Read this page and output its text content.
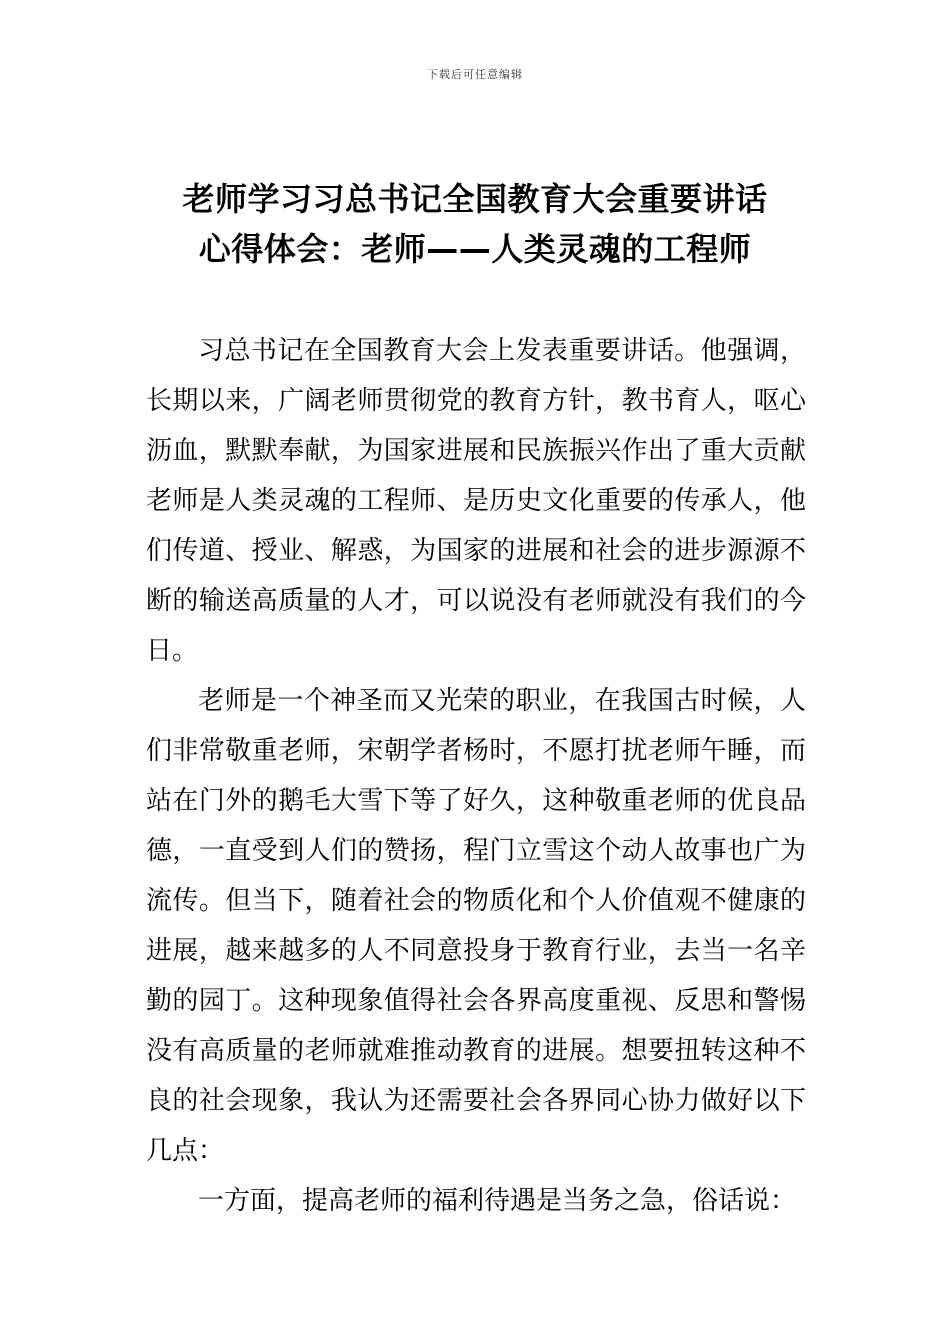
下载后可任意编辑
老师学习习总书记全国教育大会重要讲话
心得体会：老师——人类灵魂的工程师

习总书记在全国教育大会上发表重要讲话。他强调，长期以来，广阔老师贯彻党的教育方针，教书育人，呕心沥血，默默奉献，为国家进展和民族振兴作出了重大贡献老师是人类灵魂的工程师、是历史文化重要的传承人，他们传道、授业、解惑，为国家的进展和社会的进步源源不断的输送高质量的人才，可以说没有老师就没有我们的今日。

老师是一个神圣而又光荣的职业，在我国古时候，人们非常敬重老师，宋朝学者杨时，不愿打扰老师午睡，而站在门外的鹅毛大雪下等了好久，这种敬重老师的优良品德，一直受到人们的赞扬，程门立雪这个动人故事也广为流传。但当下，随着社会的物质化和个人价值观不健康的进展，越来越多的人不同意投身于教育行业，去当一名辛勤的园丁。这种现象值得社会各界高度重视、反思和警惕没有高质量的老师就难推动教育的进展。想要扭转这种不良的社会现象，我认为还需要社会各界同心协力做好以下几点：

一方面，提高老师的福利待遇是当务之急，俗话说：
